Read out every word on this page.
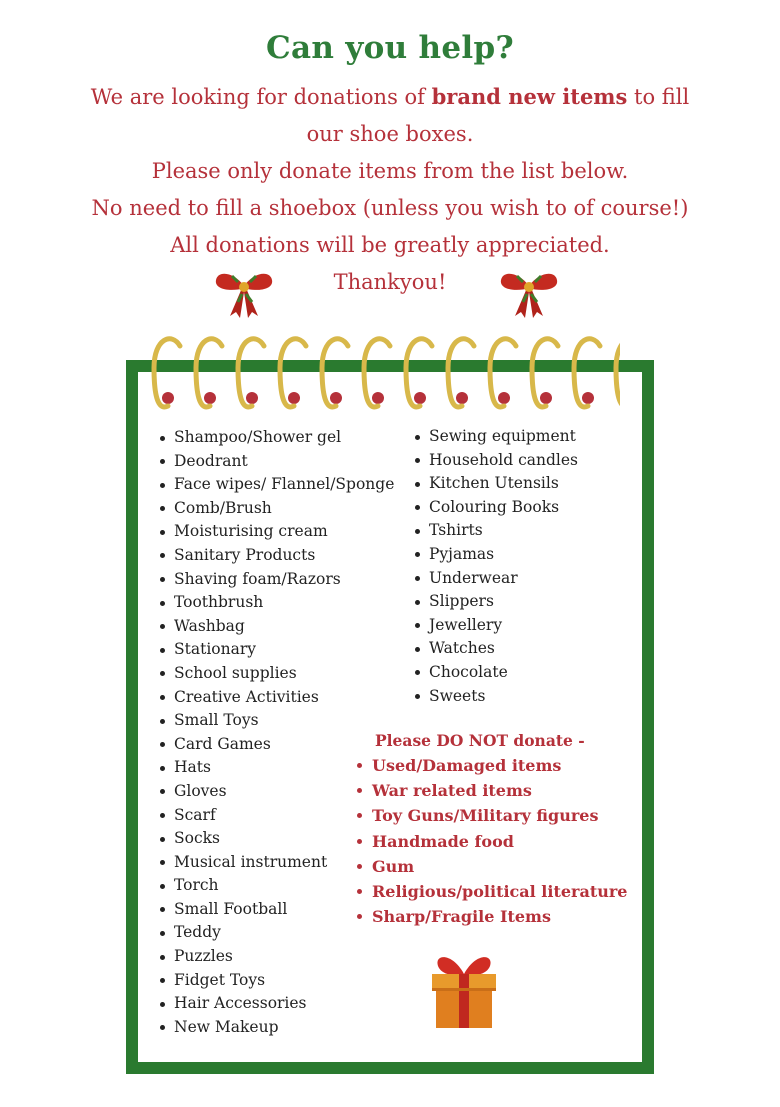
Can you help?
We are looking for donations of brand new items to fill
our shoe boxes.
Please only donate items from the list below.
No need to fill a shoebox (unless you wish to of course!)
All donations will be greatly appreciated.
Thankyou!
Shampoo/Shower gel
Deodrant
Face wipes/ Flannel/Sponge
Comb/Brush
Moisturising cream
Sanitary Products
Shaving foam/Razors
Toothbrush
Washbag
Stationary
School supplies
Creative Activities
Small Toys
Card Games
Hats
Gloves
Scarf
Socks
Musical instrument
Torch
Small Football
Teddy
Puzzles
Fidget Toys
Hair Accessories
New Makeup
Sewing equipment
Household candles
Kitchen Utensils
Colouring Books
Tshirts
Pyjamas
Underwear
Slippers
Jewellery
Watches
Chocolate
Sweets
Please DO NOT donate -
Used/Damaged items
War related items
Toy Guns/Military figures
Handmade food
Gum
Religious/political literature
Sharp/Fragile Items
